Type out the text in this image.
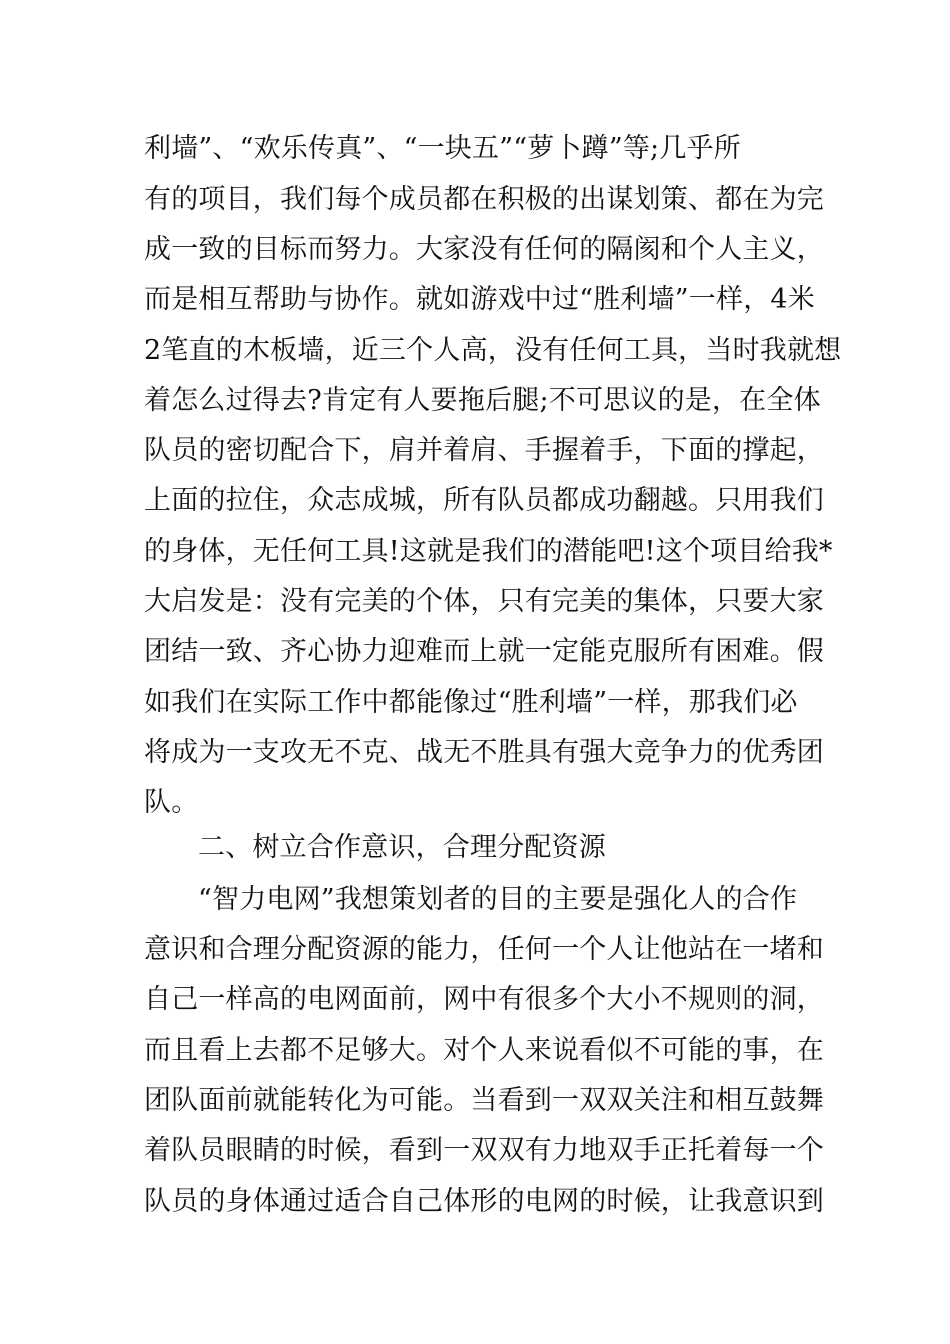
利墙”、“欢乐传真”、“一块五”“萝卜蹲”等;几乎所

有的项目，我们每个成员都在积极的出谋划策、都在为完

成一致的目标而努力。大家没有任何的隔阂和个人主义，

而是相互帮助与协作。就如游戏中过“胜利墙”一样，4米

2笔直的木板墙，近三个人高，没有任何工具，当时我就想

着怎么过得去?肯定有人要拖后腿;不可思议的是，在全体

队员的密切配合下，肩并着肩、手握着手，下面的撑起，

上面的拉住，众志成城，所有队员都成功翻越。只用我们

的身体，无任何工具!这就是我们的潜能吧!这个项目给我*

大启发是：没有完美的个体，只有完美的集体，只要大家

团结一致、齐心协力迎难而上就一定能克服所有困难。假

如我们在实际工作中都能像过“胜利墙”一样，那我们必

将成为一支攻无不克、战无不胜具有强大竞争力的优秀团

队。

二、树立合作意识，合理分配资源

“智力电网”我想策划者的目的主要是强化人的合作

意识和合理分配资源的能力，任何一个人让他站在一堵和

自己一样高的电网面前，网中有很多个大小不规则的洞，

而且看上去都不足够大。对个人来说看似不可能的事，在

团队面前就能转化为可能。当看到一双双关注和相互鼓舞

着队员眼睛的时候，看到一双双有力地双手正托着每一个

队员的身体通过适合自己体形的电网的时候，让我意识到
